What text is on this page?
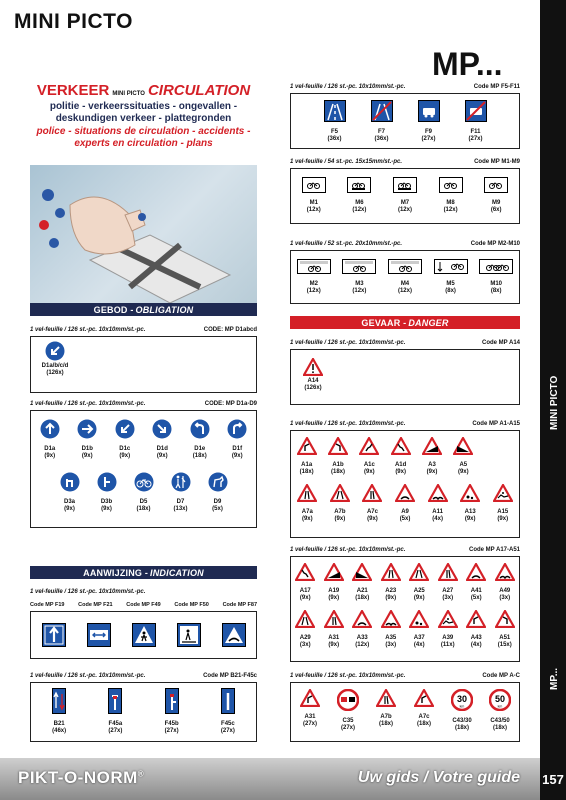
MINI PICTO
MP...
MINI PICTO
MP...
VERKEER MINI PICTO CIRCULATION
politie - verkeerssituaties - ongevallen - deskundigen verkeer - plattegronden
police - situations de circulation - accidents - experts en circulation - plans
GEBOD - OBLIGATION
1 vel-feuille / 126 st.-pc. 10x10mm/st.-pc.	CODE: MP D1abcd
D1a/b/c/d
(126x)
1 vel-feuille / 126 st.-pc. 10x10mm/st.-pc.	CODE: MP D1a-D9
D1a
(9x)
D1b
(9x)
D1c
(9x)
D1d
(9x)
D1e
(18x)
D1f
(9x)
D3a
(9x)
D3b
(9x)
D5
(18x)
D7
(13x)
D9
(5x)
AANWIJZING - INDICATION
1 vel-feuille / 126 st.-pc. 10x10mm/st.-pc.
Code MP F19 Code MP F21 Code MP F49 Code MP F50 Code MP F87
1 vel-feuille / 126 st.-pc. 10x10mm/st.-pc.	Code MP B21-F45c
B21
(46x)
F45a
(27x)
F45b
(27x)
F45c
(27x)
1 vel-feuille / 126 st.-pc. 10x10mm/st.-pc.	Code MP F5-F11
F5
(36x)
F7
(36x)
F9
(27x)
F11
(27x)
1 vel-feuille / 54 st.-pc. 15x15mm/st.-pc.	Code MP M1-M9
M1
(12x)
M6
(12x)
M7
(12x)
M8
(12x)
M9
(6x)
1 vel-feuille / 52 st.-pc. 20x10mm/st.-pc.	Code MP M2-M10
M2
(12x)
M3
(12x)
M4
(12x)
M5
(8x)
M10
(8x)
GEVAAR - DANGER
1 vel-feuille / 126 st.-pc. 10x10mm/st.-pc.	Code MP A14
A14
(126x)
1 vel-feuille / 126 st.-pc. 10x10mm/st.-pc.	Code MP A1-A15
A1a
(18x)
A1b
(18x)
A1c
(9x)
A1d
(9x)
A3
(9x)
A5
(9x)
A7a
(9x)
A7b
(9x)
A7c
(9x)
A9
(5x)
A11
(4x)
A13
(9x)
A15
(9x)
1 vel-feuille / 126 st.-pc. 10x10mm/st.-pc.	Code MP A17-A51
A17
(9x)
A19
(9x)
A21
(18x)
A23
(9x)
A25
(9x)
A27
(3x)
A41
(5x)
A49
(3x)
A29
(3x)
A31
(9x)
A33
(12x)
A35
(3x)
A37
(4x)
A39
(11x)
A43
(4x)
A51
(15x)
1 vel-feuille / 126 st.-pc. 10x10mm/st.-pc.	Code MP A-C
A31
(27x)	C35
(27x)
A7b
(18x)
A7c
(18x)
30
km
C43/30
(18x)
50
km
C43/50
(18x)
PIKT-O-NORM®	Uw gids / Votre guide 157
